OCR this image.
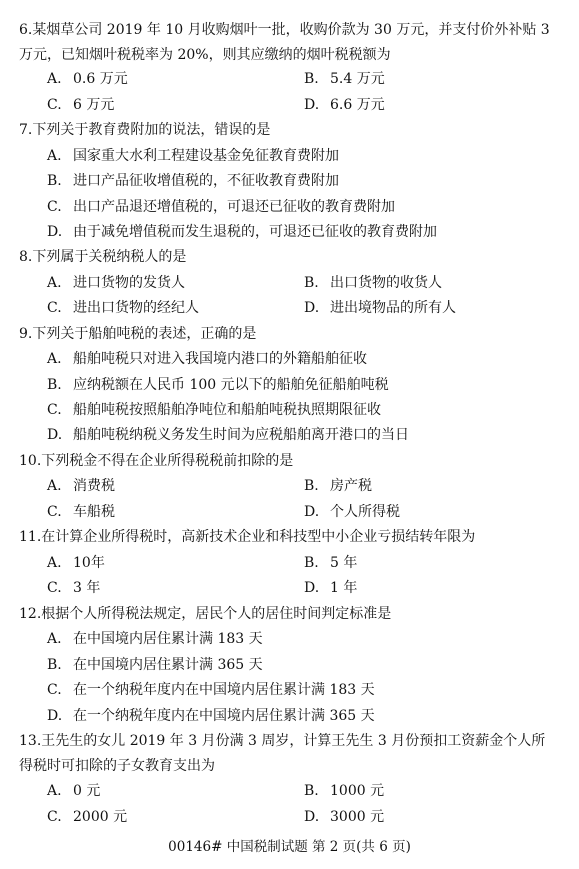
6.某烟草公司 2019 年 10 月收购烟叶一批，收购价款为 30 万元，并支付价外补贴 3 万元，已知烟叶税税率为 20%，则其应缴纳的烟叶税税额为
A. 0.6 万元	B. 5.4 万元
C. 6 万元	D. 6.6 万元
7.下列关于教育费附加的说法，错误的是
A. 国家重大水利工程建设基金免征教育费附加
B. 进口产品征收增值税的，不征收教育费附加
C. 出口产品退还增值税的，可退还已征收的教育费附加
D. 由于减免增值税而发生退税的，可退还已征收的教育费附加
8.下列属于关税纳税人的是
A. 进口货物的发货人	B. 出口货物的收货人
C. 进出口货物的经纪人	D. 进出境物品的所有人
9.下列关于船舶吨税的表述，正确的是
A. 船舶吨税只对进入我国境内港口的外籍船舶征收
B. 应纳税额在人民币 100 元以下的船舶免征船舶吨税
C. 船舶吨税按照船舶净吨位和船舶吨税执照期限征收
D. 船舶吨税纳税义务发生时间为应税船舶离开港口的当日
10.下列税金不得在企业所得税税前扣除的是
A. 消费税	B. 房产税
C. 车船税	D. 个人所得税
11.在计算企业所得税时，高新技术企业和科技型中小企业亏损结转年限为
A. 10年	B. 5 年
C. 3 年	D. 1 年
12.根据个人所得税法规定，居民个人的居住时间判定标准是
A. 在中国境内居住累计满 183 天
B. 在中国境内居住累计满 365 天
C. 在一个纳税年度内在中国境内居住累计满 183 天
D. 在一个纳税年度内在中国境内居住累计满 365 天
13.王先生的女儿 2019 年 3 月份满 3 周岁，计算王先生 3 月份预扣工资薪金个人所得税时可扣除的子女教育支出为
A. 0 元	B. 1000 元
C. 2000 元	D. 3000 元
00146# 中国税制试题 第 2 页(共 6 页)
